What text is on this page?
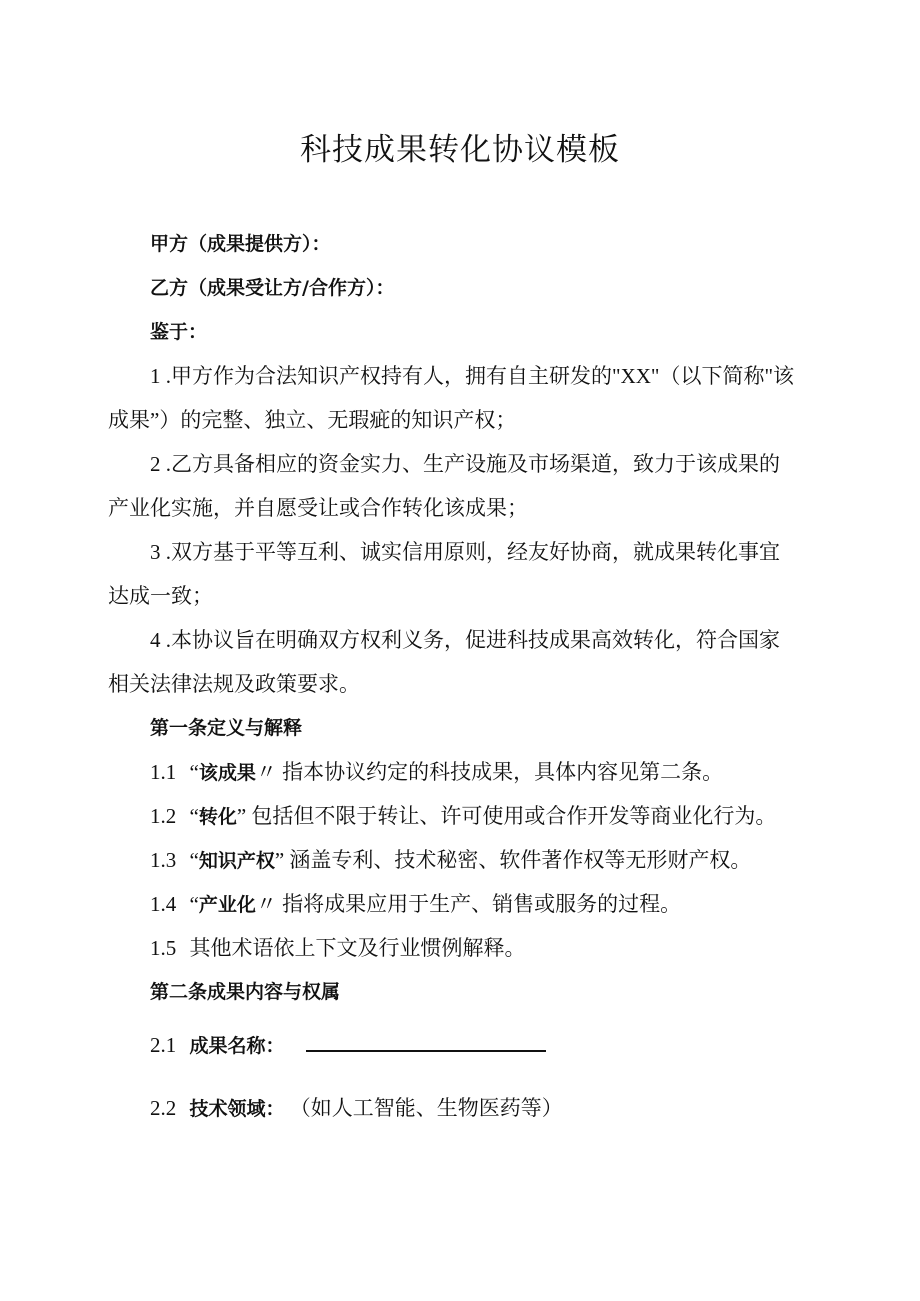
科技成果转化协议模板
甲方（成果提供方）：
乙方（成果受让方/合作方）：
鉴于：
1 .甲方作为合法知识产权持有人，拥有自主研发的"XX"（以下简称"该
成果”）的完整、独立、无瑕疵的知识产权；
2 .乙方具备相应的资金实力、生产设施及市场渠道，致力于该成果的
产业化实施，并自愿受让或合作转化该成果；
3 .双方基于平等互利、诚实信用原则，经友好协商，就成果转化事宜
达成一致；
4 .本协议旨在明确双方权利义务，促进科技成果高效转化，符合国家
相关法律法规及政策要求。
第一条定义与解释
1.1 “该成果〃 指本协议约定的科技成果，具体内容见第二条。
1.2 “转化” 包括但不限于转让、许可使用或合作开发等商业化行为。
1.3 “知识产权” 涵盖专利、技术秘密、软件著作权等无形财产权。
1.4 “产业化〃 指将成果应用于生产、销售或服务的过程。
1.5 其他术语依上下文及行业惯例解释。
第二条成果内容与权属
2.1 成果名称：
2.2 技术领域： （如人工智能、生物医药等）
